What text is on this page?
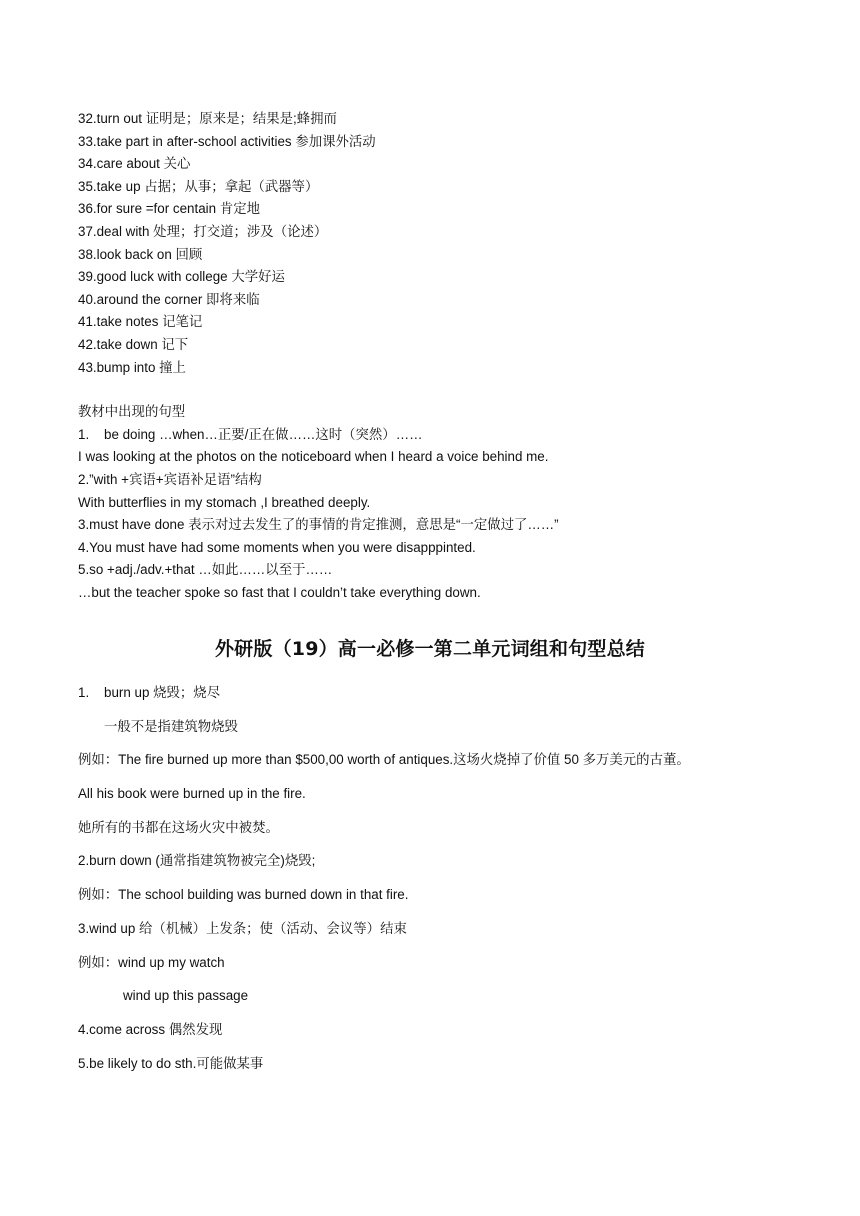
32.turn out 证明是；原来是；结果是;蜂拥而
33.take part in after-school activities 参加课外活动
34.care about 关心
35.take up 占据；从事；拿起（武器等）
36.for sure =for centain 肯定地
37.deal with 处理；打交道；涉及（论述）
38.look back on 回顾
39.good luck with college 大学好运
40.around the corner 即将来临
41.take notes 记笔记
42.take down 记下
43.bump into 撞上
教材中出现的句型
1. be doing …when…正要/正在做……这时（突然）……
I was looking at the photos on the noticeboard when I heard a voice behind me.
2.”with +宾语+宾语补足语”结构
With butterflies in my stomach ,I breathed deeply.
3.must have done 表示对过去发生了的事情的肯定推测，意思是“一定做过了……”
4.You must have had some moments when you were disapppinted.
5.so +adj./adv.+that …如此……以至于……
…but the teacher spoke so fast that I couldn’t take everything down.
外研版（19）高一必修一第二单元词组和句型总结
1. burn up 烧毁；烧尽
一般不是指建筑物烧毁
例如：The fire burned up more than $500,00 worth of antiques.这场火烧掉了价值 50 多万美元的古董。
All his book were burned up in the fire.
她所有的书都在这场火灾中被焚。
2.burn down (通常指建筑物被完全)烧毁;
例如：The school building was burned down in that fire.
3.wind up 给（机械）上发条；使（活动、会议等）结束
例如：wind up my watch
wind up this passage
4.come across 偶然发现
5.be likely to do sth.可能做某事
